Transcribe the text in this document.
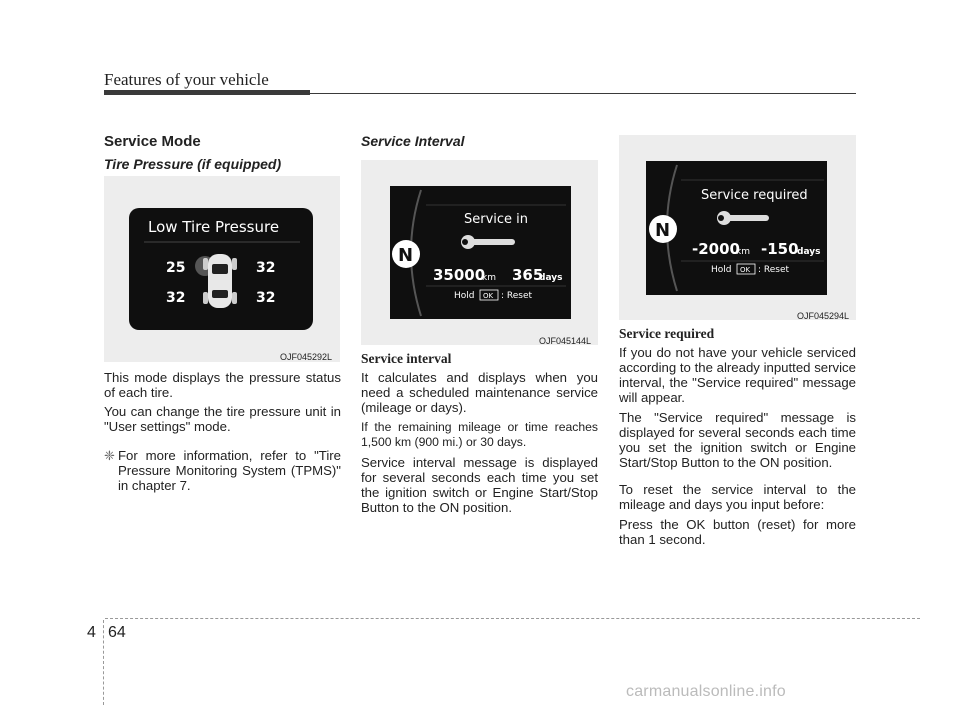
Features of your vehicle
Service Mode
Tire Pressure (if equipped)
Low Tire Pressure
25	32
32	32
OJF045292L

This mode displays the pressure status of each tire.

You can change the tire pressure unit in "User settings" mode.

❈ For more information, refer to "Tire Pressure Monitoring System (TPMS)" in chapter 7.

Service Interval
N
Service in
35000
km 365
days
Hold OK : Reset
OJF045144L
Service interval

It calculates and displays when you need a scheduled maintenance service (mileage or days).

If the remaining mileage or time reaches 1,500 km (900 mi.) or 30 days.

Service interval message is displayed for several seconds each time you set the ignition switch or Engine Start/Stop Button to the ON position.

N
Service required
-2000
km -150
days
Hold OK : Reset
OJF045294L
Service required

If you do not have your vehicle serviced according to the already inputted service interval, the "Service required" message will appear.

The "Service required" message is displayed for several seconds each time you set the ignition switch or Engine Start/Stop Button to the ON position.

To reset the service interval to the mileage and days you input before:

Press the OK button (reset) for more than 1 second.

4 64
carmanualsonline.info
